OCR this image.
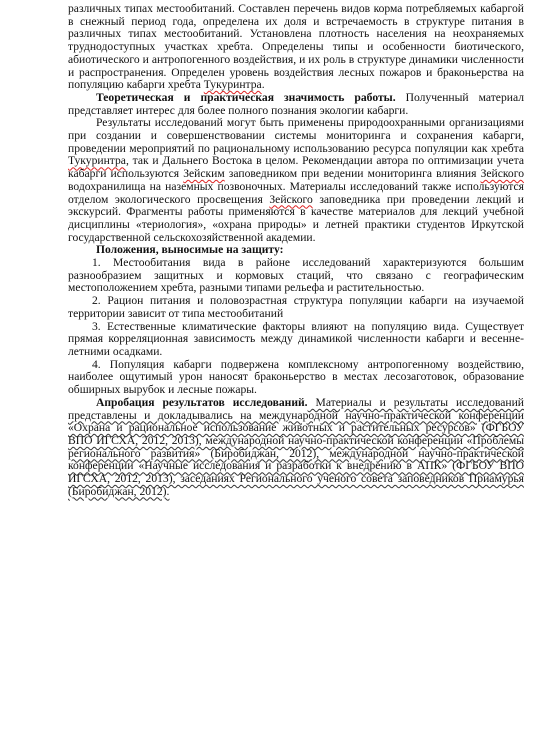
различных типах местообитаний. Составлен перечень видов корма потребляемых кабаргой в снежный период года, определена их доля и встречаемость в структуре питания в различных типах местообитаний. Установлена плотность населения на неохраняемых труднодоступных участках хребта. Определены типы и особенности биотического, абиотического и антропогенного воздействия, и их роль в структуре динамики численности и распространения. Определен уровень воздействия лесных пожаров и браконьерства на популяцию кабарги хребта Тукуринтра.

Теоретическая и практическая значимость работы. Полученный материал представляет интерес для более полного познания экологии кабарги.

Результаты исследований могут быть применены природоохранными организациями при создании и совершенствовании системы мониторинга и сохранения кабарги, проведении мероприятий по рациональному использованию ресурса популяции как хребта Тукуринтра, так и Дальнего Востока в целом. Рекомендации автора по оптимизации учета кабарги используются Зейским заповедником при ведении мониторинга влияния Зейского водохранилища на наземных позвоночных. Материалы исследований также используются отделом экологического просвещения Зейского заповедника при проведении лекций и экскурсий. Фрагменты работы применяются в качестве материалов для лекций учебной дисциплины «териология», «охрана природы» и летней практики студентов Иркутской государственной сельскохозяйственной академии.

Положения, выносимые на защиту:

1. Местообитания вида в районе исследований характеризуются большим разнообразием защитных и кормовых стаций, что связано с географическим местоположением хребта, разными типами рельефа и растительностью.

2. Рацион питания и половозрастная структура популяции кабарги на изучаемой территории зависит от типа местообитаний

3. Естественные климатические факторы влияют на популяцию вида. Существует прямая корреляционная зависимость между динамикой численности кабарги и весенне-летними осадками.

4. Популяция кабарги подвержена комплексному антропогенному воздействию, наиболее ощутимый урон наносят браконьерство в местах лесозаготовок, образование обширных вырубок и лесные пожары.

Апробация результатов исследований. Материалы и результаты исследований представлены и докладывались на международной научно-практической конференции «Охрана и рациональное использование животных и растительных ресурсов» (ФГБОУ ВПО ИГСХА, 2012, 2013), международной научно-практической конференции «Проблемы регионального развития» (Биробиджан, 2012), международной научно-практической конференции «Научные исследования и разработки к внедрению в АПК» (ФГБОУ ВПО ИГСХА, 2012, 2013), заседаниях Регионального ученого совета заповедников Приамурья (Биробиджан, 2012).
